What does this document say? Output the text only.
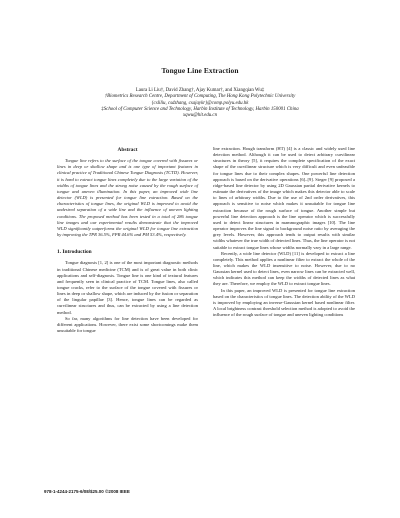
Tongue Line Extraction
Laura Li Liu†, David Zhang†, Ajay Kumar†, and Xiangqian Wu‡
†Biometrics Research Centre, Department of Computing, The Hong Kong Polytechnic University
{csliliu, csdzhang, csajaykr}@comp.polyu.edu.hk
‡School of Computer Science and Technology, Harbin Institute of Technology, Harbin 150001 China
xqwu@hit.edu.cn
Abstract

Tongue line refers to the surface of the tongue covered with fissures or lines in deep or shallow shape and is one type of important features in clinical practice of Traditional Chinese Tongue Diagnosis (TCTD). However, it is hard to extract tongue lines completely due to the large variation of the widths of tongue lines and the strong noise caused by the rough surface of tongue and uneven illumination. In this paper, an improved wide line detector (WLD) is presented for tongue line extraction. Based on the characteristics of tongue lines, the original WLD is improved to avoid the undesired separation of a wide line and the influence of uneven lighting conditions. The proposed method has been tested in a total of 286 tongue line images and our experimental results demonstrate that the improved WLD significantly outperforms the original WLD for tongue line extraction by improving the TPR 36.5%, FPR 44.6% and PM 53.4%, respectively.

1. Introduction

Tongue diagnosis [1, 2] is one of the most important diagnostic methods in traditional Chinese medicine (TCM) and is of great value in both clinic applications and self-diagnosis. Tongue line is one kind of textural features and frequently seen in clinical practice of TCM. Tongue lines, also called tongue cracks, refer to the surface of the tongue covered with fissures or lines in deep or shallow shape, which are induced by the fusion or separation of the lingular papillae [3]. Hence, tongue lines can be regarded as curvilinear structures and thus, can be extracted by using a line detection method.

So far, many algorithms for line detection have been developed for different applications. However, there exist some shortcomings make them unsuitable for tongue

line extraction. Hough transform (HT) [4] is a classic and widely used line detection method. Although it can be used to detect arbitrary curvilinear structures in theory [5], it requires the complete specification of the exact shape of the curvilinear structure which is very difficult and even unfeasible for tongue lines due to their complex shapes. One powerful line detection approach is based on the derivative operations [6]–[9]. Steger [9] proposed a ridge-based line detector by using 2D Gaussian partial derivative kernels to estimate the derivatives of the image which makes this detector able to scale to lines of arbitrary widths. Due to the use of 2nd order derivatives, this approach is sensitive to noise which makes it unsuitable for tongue line extraction because of the rough surface of tongue. Another simple but powerful line detection approach is the line operator which is successfully used to detect linear structures in mammographic images [10]. The line operator improves the line signal to background noise ratio by averaging the grey levels. However, this approach tends to output results with similar widths whatever the true width of detected lines. Thus, the line operator is not suitable to extract tongue lines whose widths normally vary in a large range.

Recently, a wide line detector (WLD) [11] is developed to extract a line completely. This method applies a nonlinear filter to extract the whole of the line, which makes the WLD insensitive to noise. However, due to no Gaussian kernel used to detect lines, even narrow lines can be extracted well, which indicates this method can keep the widths of detected lines as what they are. Therefore, we employ the WLD to extract tongue lines.

In this paper, an improved WLD is presented for tongue line extraction based on the characteristics of tongue lines. The detection ability of the WLD is improved by employing an inverse-Gaussian kernel based nonlinear filter. A local brightness contrast threshold selection method is adopted to avoid the influence of the rough surface of tongue and uneven lighting conditions

978-1-4244-2175-6/08/$25.00 ©2008 IEEE
